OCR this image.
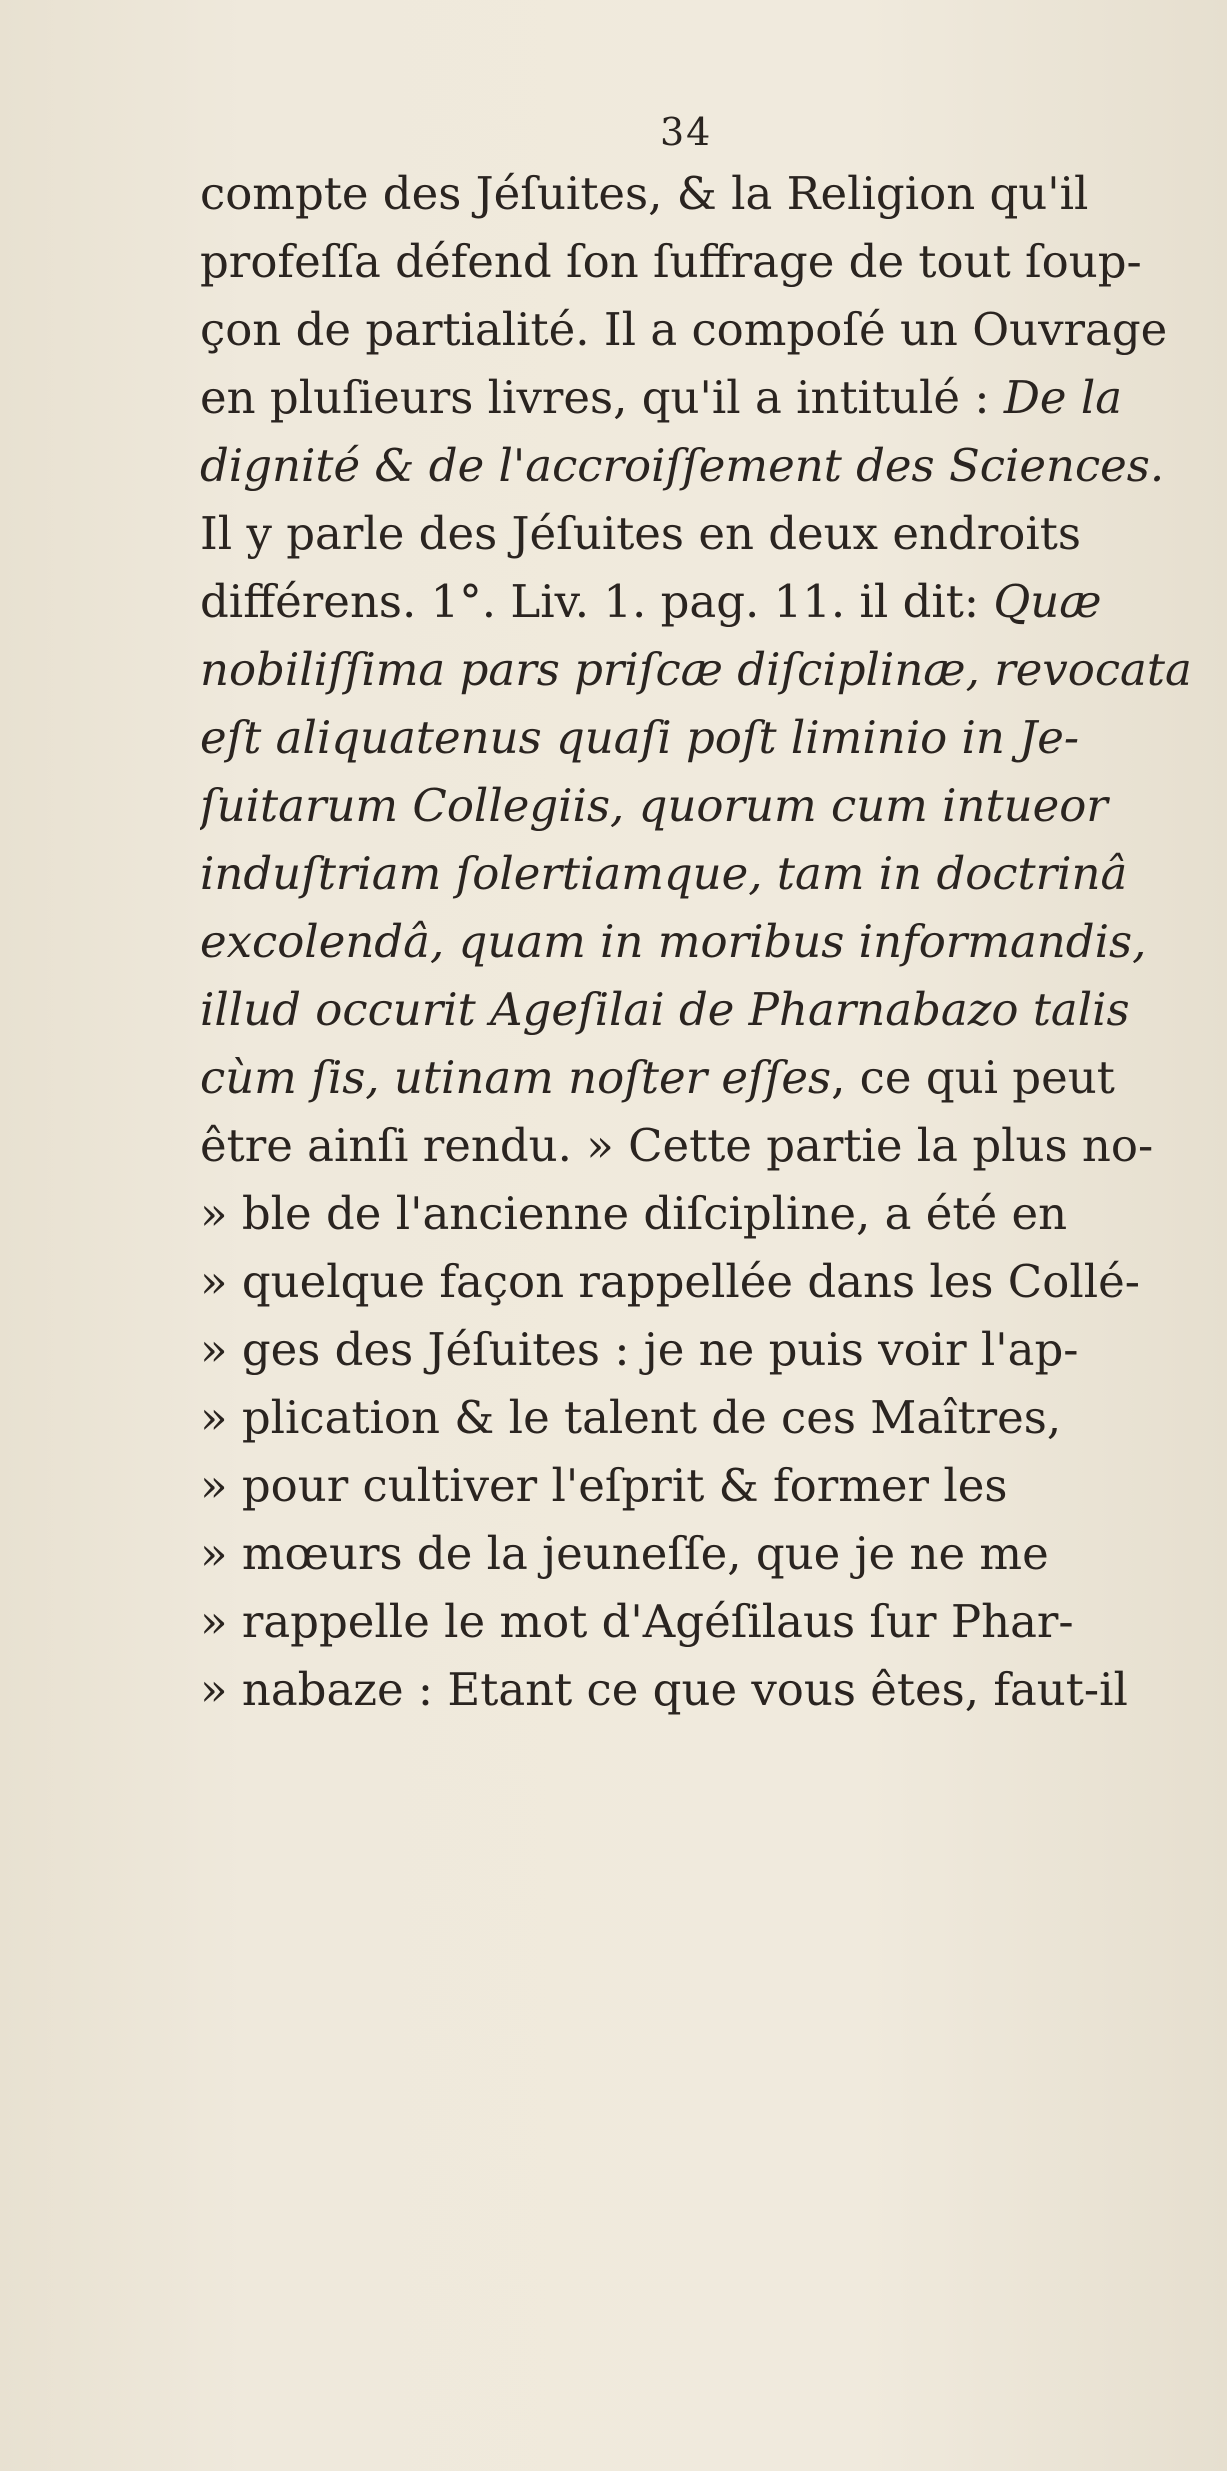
34
compte des Jéſuites, & la Religion qu'il
profeſſa défend ſon ſuffrage de tout ſoup-
çon de partialité. Il a compoſé un Ouvrage
en pluſieurs livres, qu'il a intitulé : De la
dignité & de l'accroiſſement des Sciences.
Il y parle des Jéſuites en deux endroits
différens. 1°. Liv. 1. pag. 11. il dit: Quæ
nobiliſſima pars priſcæ diſciplinæ, revocata
eſt aliquatenus quaſi poſt liminio in Je-
ſuitarum Collegiis, quorum cum intueor
induſtriam ſolertiamque, tam in doctrinâ
excolendâ, quam in moribus informandis,
illud occurit Ageſilai de Pharnabazo talis
cùm ſis, utinam noſter eſſes, ce qui peut
être ainſi rendu. » Cette partie la plus no-
» ble de l'ancienne diſcipline, a été en
» quelque façon rappellée dans les Collé-
» ges des Jéſuites : je ne puis voir l'ap-
» plication & le talent de ces Maîtres,
» pour cultiver l'eſprit & former les
» mœurs de la jeuneſſe, que je ne me
» rappelle le mot d'Agéſilaus ſur Phar-
» nabaze : Etant ce que vous êtes, faut-il
